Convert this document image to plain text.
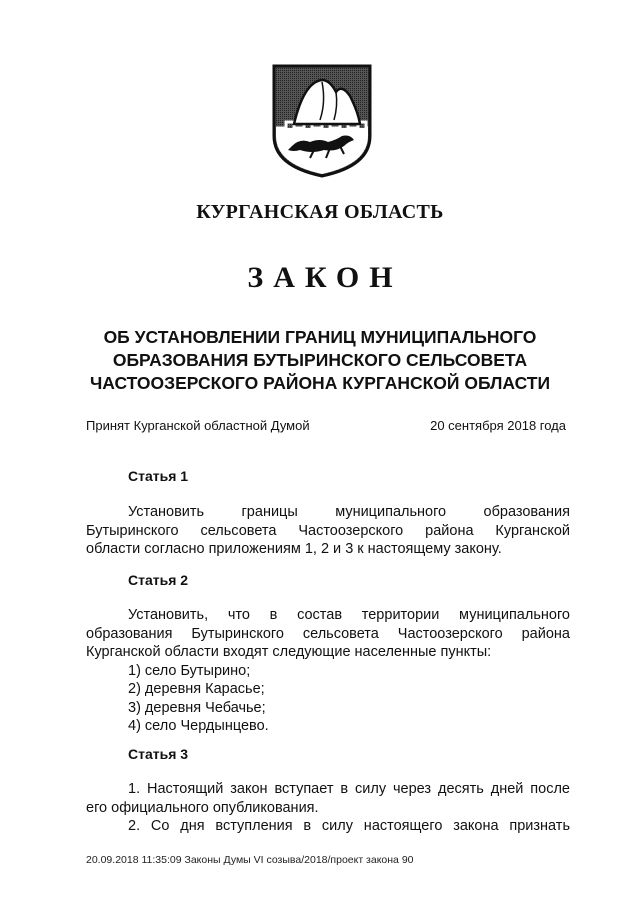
КУРГАНСКАЯ ОБЛАСТЬ
ЗАКОН
ОБ УСТАНОВЛЕНИИ ГРАНИЦ МУНИЦИПАЛЬНОГО
ОБРАЗОВАНИЯ БУТЫРИНСКОГО СЕЛЬСОВЕТА
ЧАСТООЗЕРСКОГО РАЙОНА КУРГАНСКОЙ ОБЛАСТИ
Принят Курганской областной Думой	20 сентября 2018 года
Статья 1
Установить границы муниципального образования
Бутыринского сельсовета Частоозерского района Курганской
области согласно приложениям 1, 2 и 3 к настоящему закону.
Статья 2
Установить, что в состав территории муниципального
образования Бутыринского сельсовета Частоозерского района
Курганской области входят следующие населенные пункты:
1) село Бутырино;
2) деревня Карасье;
3) деревня Чебачье;
4) село Чердынцево.
Статья 3
1. Настоящий закон вступает в силу через десять дней после
его официального опубликования.
2. Со дня вступления в силу настоящего закона признать
20.09.2018 11:35:09 Законы Думы VI созыва/2018/проект закона 90
